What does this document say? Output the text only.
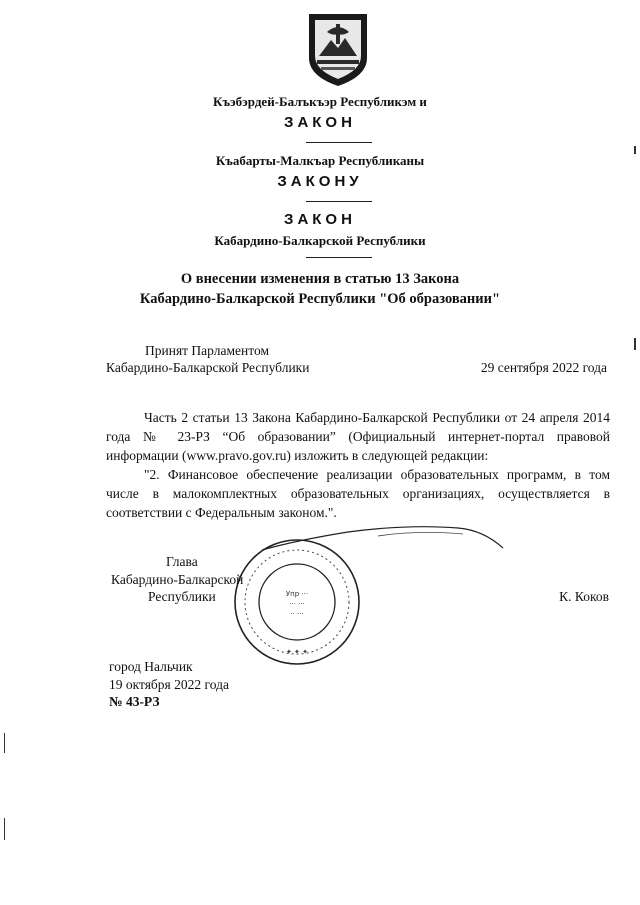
Къэбэрдей-Балъкъэр Республикэм и
ЗАКОН
Къабарты-Малкъар Республиканы
ЗАКОНУ
ЗАКОН
Кабардино-Балкарской Республики
О внесении изменения в статью 13 Закона
Кабардино-Балкарской Республики "Об образовании"
Принят Парламентом
Кабардино-Балкарской Республики	29 сентября 2022 года

Часть 2 статьи 13 Закона Кабардино-Балкарской Республики от 24 апреля 2014 года № 23-РЗ “Об образовании” (Официальный интернет-портал правовой информации (www.pravo.gov.ru) изложить в следующей редакции:

"2. Финансовое обеспечение реализации образовательных программ, в том числе в малокомплектных образовательных организациях, осуществляется в соответствии с Федеральным законом.".

Упр ···
··· ···
·· ···
✦ ✦ ✦
Глава
Кабардино-Балкарской
Республики	К. Коков
город Нальчик
19 октября 2022 года
№ 43-РЗ
